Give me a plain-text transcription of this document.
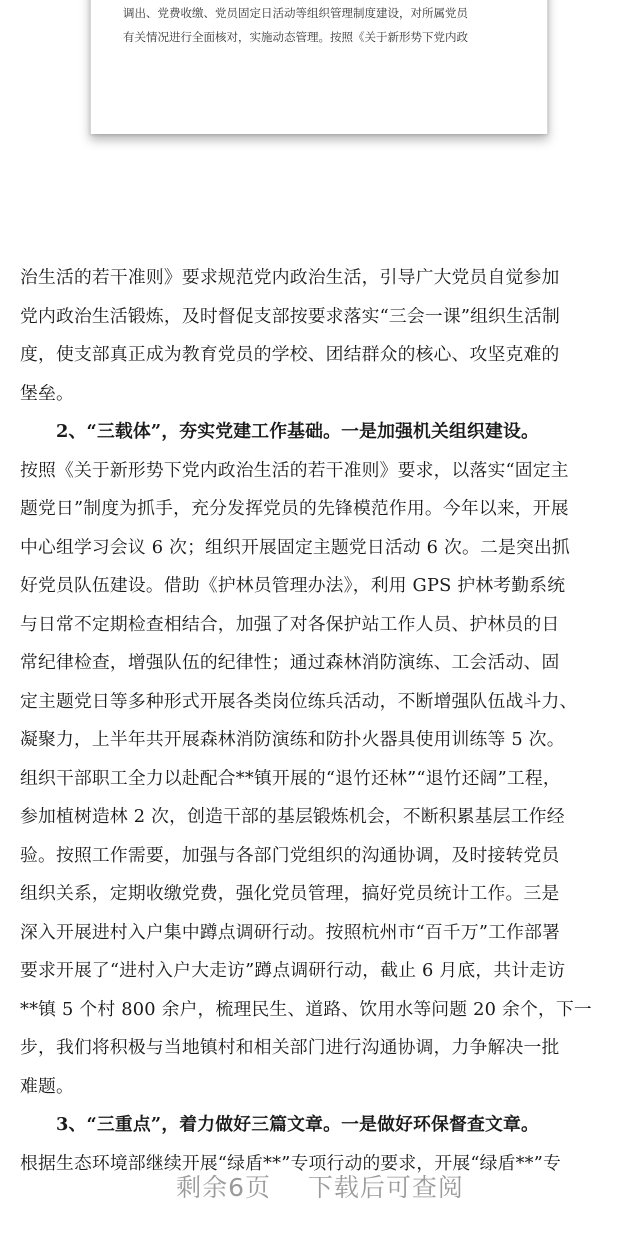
调出、党费收缴、党员固定日活动等组织管理制度建设，对所属党员
有关情况进行全面核对，实施动态管理。按照《关于新形势下党内政
治生活的若干准则》要求规范党内政治生活，引导广大党员自觉参加
党内政治生活锻炼，及时督促支部按要求落实“三会一课”组织生活制
度，使支部真正成为教育党员的学校、团结群众的核心、攻坚克难的
堡垒。
　　2、“三载体”，夯实党建工作基础。一是加强机关组织建设。
按照《关于新形势下党内政治生活的若干准则》要求，以落实“固定主
题党日”制度为抓手，充分发挥党员的先锋模范作用。今年以来，开展
中心组学习会议 6 次；组织开展固定主题党日活动 6 次。二是突出抓
好党员队伍建设。借助《护林员管理办法》，利用 GPS 护林考勤系统
与日常不定期检查相结合，加强了对各保护站工作人员、护林员的日
常纪律检查，增强队伍的纪律性；通过森林消防演练、工会活动、固
定主题党日等多种形式开展各类岗位练兵活动，不断增强队伍战斗力、
凝聚力，上半年共开展森林消防演练和防扑火器具使用训练等 5 次。
组织干部职工全力以赴配合**镇开展的“退竹还林”“退竹还阔”工程，
参加植树造林 2 次，创造干部的基层锻炼机会，不断积累基层工作经
验。按照工作需要，加强与各部门党组织的沟通协调，及时接转党员
组织关系，定期收缴党费，强化党员管理，搞好党员统计工作。三是
深入开展进村入户集中蹲点调研行动。按照杭州市“百千万”工作部署
要求开展了“进村入户大走访”蹲点调研行动，截止 6 月底，共计走访
**镇 5 个村 800 余户，梳理民生、道路、饮用水等问题 20 余个，下一
步，我们将积极与当地镇村和相关部门进行沟通协调，力争解决一批
难题。
　　3、“三重点”，着力做好三篇文章。一是做好环保督查文章。
根据生态环境部继续开展“绿盾**”专项行动的要求，开展“绿盾**”专
剩余6页 下载后可查阅
